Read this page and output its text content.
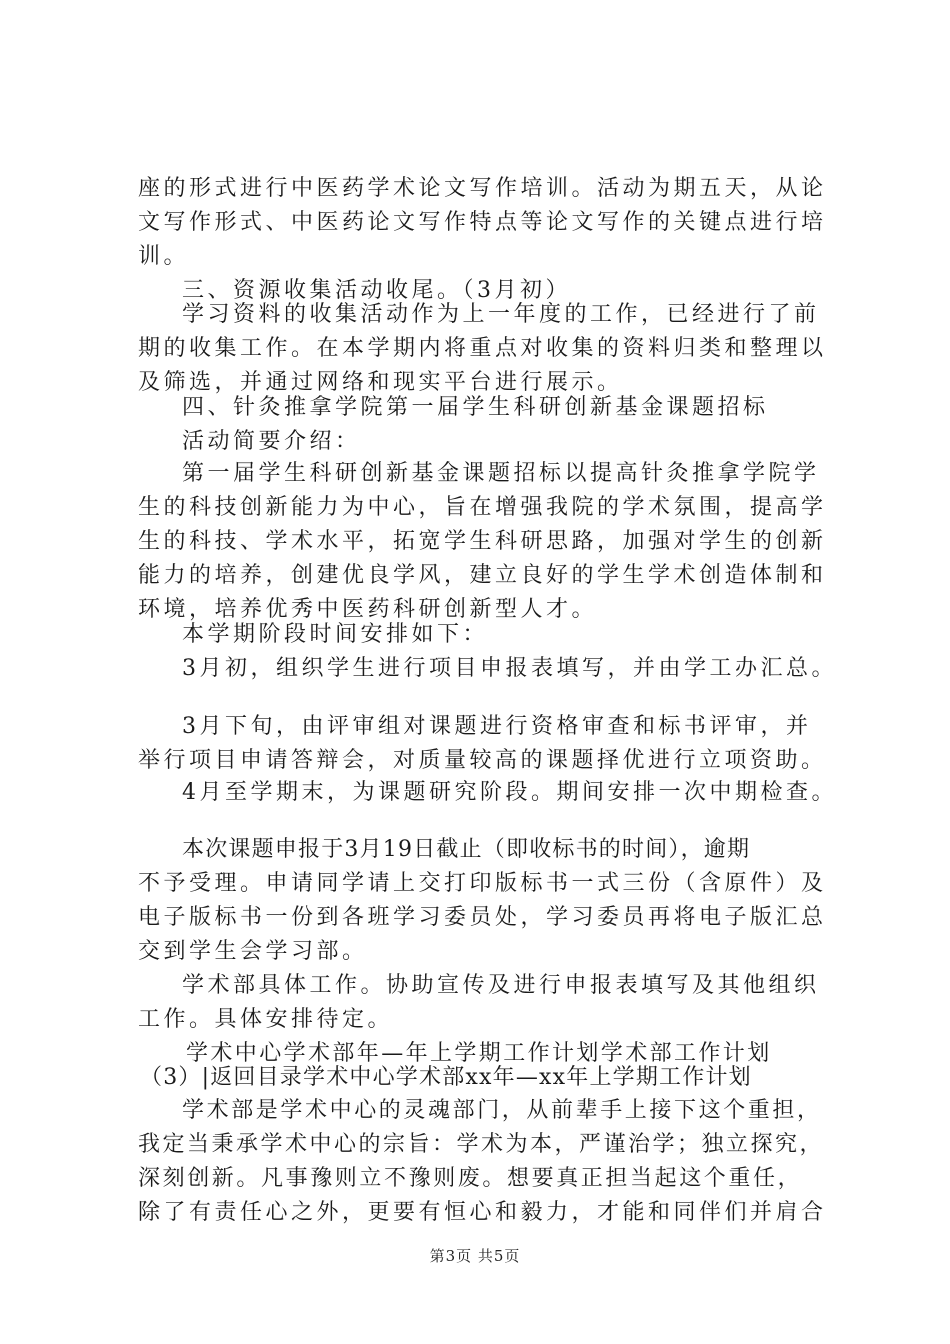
座的形式进行中医药学术论文写作培训。活动为期五天，从论
文写作形式、中医药论文写作特点等论文写作的关键点进行培
训。
三、资源收集活动收尾。（3月初）
学习资料的收集活动作为上一年度的工作，已经进行了前
期的收集工作。在本学期内将重点对收集的资料归类和整理以
及筛选，并通过网络和现实平台进行展示。
四、针灸推拿学院第一届学生科研创新基金课题招标
活动简要介绍：
第一届学生科研创新基金课题招标以提高针灸推拿学院学
生的科技创新能力为中心，旨在增强我院的学术氛围，提高学
生的科技、学术水平，拓宽学生科研思路，加强对学生的创新
能力的培养，创建优良学风，建立良好的学生学术创造体制和
环境，培养优秀中医药科研创新型人才。
本学期阶段时间安排如下：
3月初，组织学生进行项目申报表填写，并由学工办汇总。
3月下旬，由评审组对课题进行资格审查和标书评审，并
举行项目申请答辩会，对质量较高的课题择优进行立项资助。
4月至学期末，为课题研究阶段。期间安排一次中期检查。
本次课题申报于3月19日截止（即收标书的时间），逾期
不予受理。申请同学请上交打印版标书一式三份（含原件）及
电子版标书一份到各班学习委员处，学习委员再将电子版汇总
交到学生会学习部。
学术部具体工作。协助宣传及进行申报表填写及其他组织
工作。具体安排待定。
学术中心学术部年—年上学期工作计划学术部工作计划
（3）|返回目录学术中心学术部xx年—xx年上学期工作计划
学术部是学术中心的灵魂部门，从前辈手上接下这个重担，
我定当秉承学术中心的宗旨：学术为本，严谨治学；独立探究，
深刻创新。凡事豫则立不豫则废。想要真正担当起这个重任，
除了有责任心之外，更要有恒心和毅力，才能和同伴们并肩合
第3页 共5页
